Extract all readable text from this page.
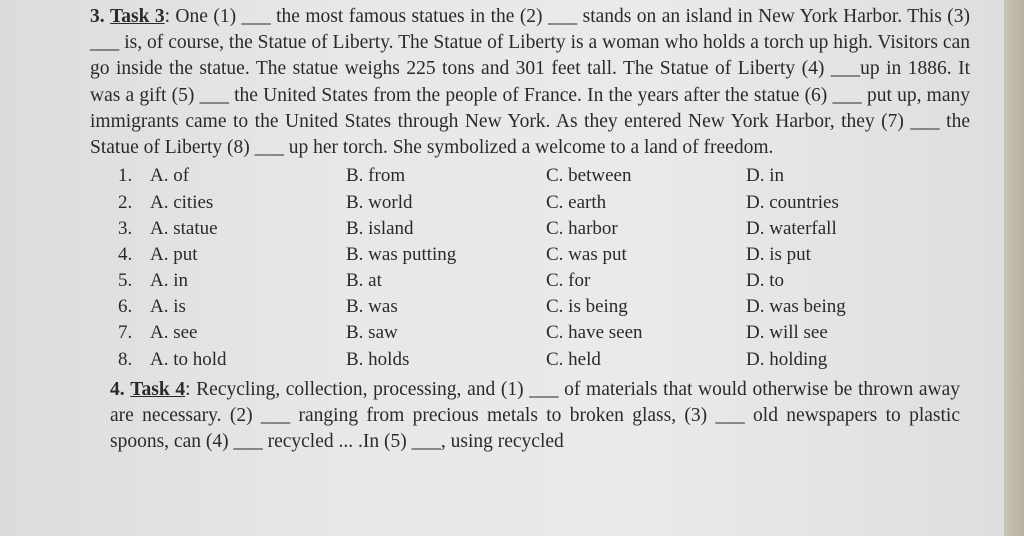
3. Task 3: One (1) ___ the most famous statues in the (2) ___ stands on an island in New York Harbor. This (3) ___ is, of course, the Statue of Liberty. The Statue of Liberty is a woman who holds a torch up high. Visitors can go inside the statue. The statue weighs 225 tons and 301 feet tall. The Statue of Liberty (4) ___up in 1886. It was a gift (5) ___ the United States from the people of France. In the years after the statue (6) ___ put up, many immigrants came to the United States through New York. As they entered New York Harbor, they (7) ___ the Statue of Liberty (8) ___ up her torch. She symbolized a welcome to a land of freedom.

1. A. of	B. from	C. between	D. in
2. A. cities	B. world	C. earth	D. countries
3. A. statue	B. island	C. harbor	D. waterfall
4. A. put	B. was putting	C. was put	D. is put
5. A. in	B. at	C. for	D. to
6. A. is	B. was	C. is being	D. was being
7. A. see	B. saw	C. have seen	D. will see
8. A. to hold	B. holds	C. held	D. holding

4. Task 4: Recycling, collection, processing, and (1) ___ of materials that would otherwise be thrown away are necessary. (2) ___ ranging from precious metals to broken glass, (3) ___ old newspapers to plastic spoons, can (4) ___ recycled ... .In (5) ___, using recycled
